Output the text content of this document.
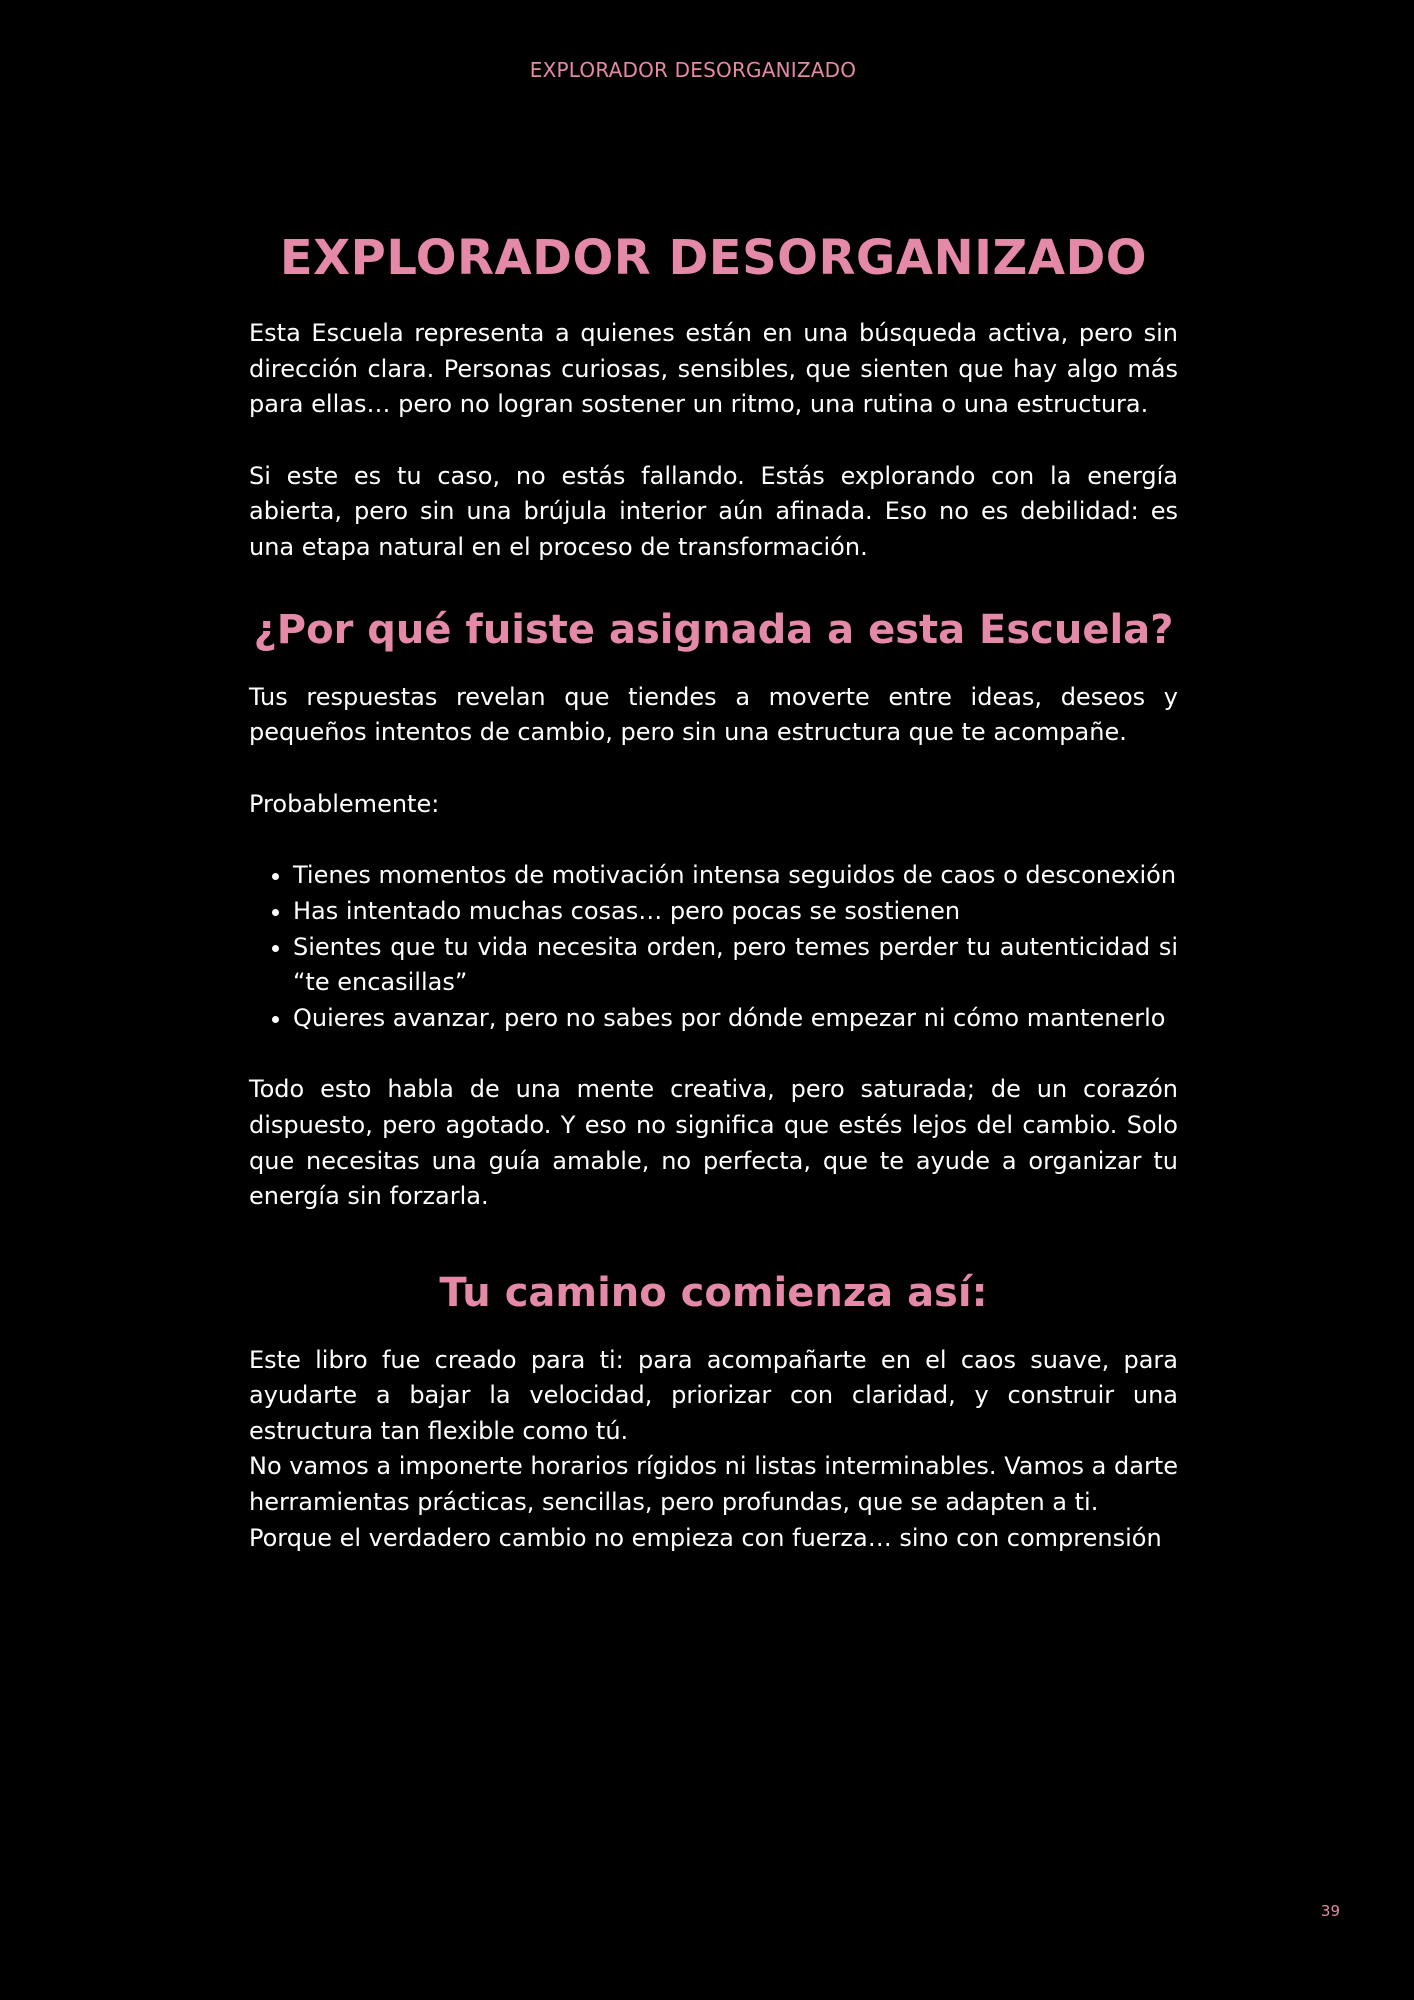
EXPLORADOR DESORGANIZADO
EXPLORADOR DESORGANIZADO

Esta Escuela representa a quienes están en una búsqueda activa, pero sin dirección clara. Personas curiosas, sensibles, que sienten que hay algo más para ellas… pero no logran sostener un ritmo, una rutina o una estructura.

Si este es tu caso, no estás fallando. Estás explorando con la energía abierta, pero sin una brújula interior aún afinada. Eso no es debilidad: es una etapa natural en el proceso de transformación.

¿Por qué fuiste asignada a esta Escuela?

Tus respuestas revelan que tiendes a moverte entre ideas, deseos y pequeños intentos de cambio, pero sin una estructura que te acompañe.

Probablemente:

• Tienes momentos de motivación intensa seguidos de caos o desconexión
• Has intentado muchas cosas… pero pocas se sostienen
• Sientes que tu vida necesita orden, pero temes perder tu autenticidad si “te encasillas”
• Quieres avanzar, pero no sabes por dónde empezar ni cómo mantenerlo

Todo esto habla de una mente creativa, pero saturada; de un corazón dispuesto, pero agotado. Y eso no significa que estés lejos del cambio. Solo que necesitas una guía amable, no perfecta, que te ayude a organizar tu energía sin forzarla.

Tu camino comienza así:

Este libro fue creado para ti: para acompañarte en el caos suave, para ayudarte a bajar la velocidad, priorizar con claridad, y construir una estructura tan flexible como tú.

No vamos a imponerte horarios rígidos ni listas interminables. Vamos a darte herramientas prácticas, sencillas, pero profundas, que se adapten a ti.

Porque el verdadero cambio no empieza con fuerza… sino con comprensión

39
